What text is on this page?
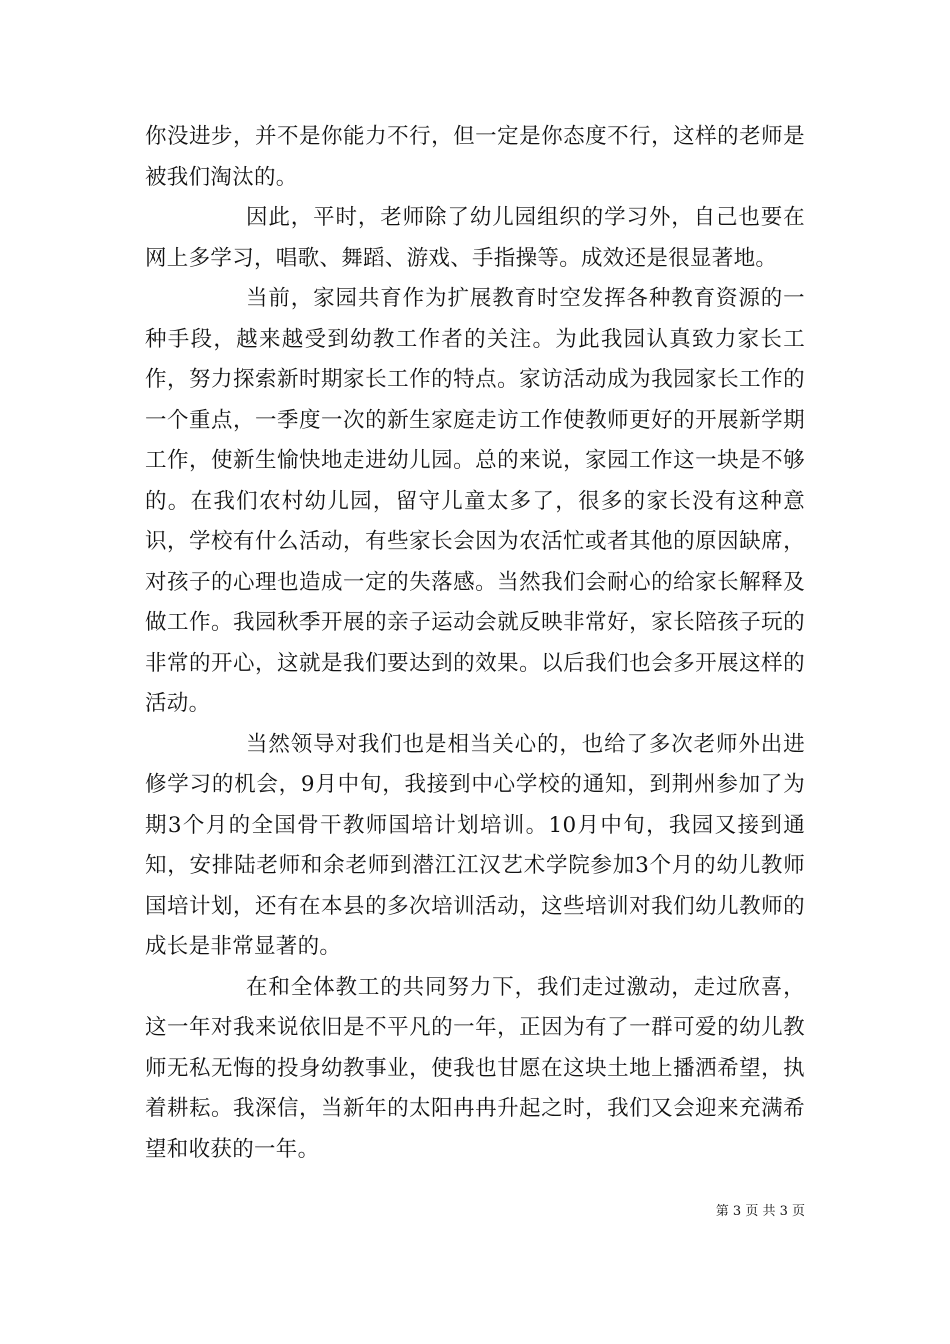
你没进步，并不是你能力不行，但一定是你态度不行，这样的老师是被我们淘汰的。

因此，平时，老师除了幼儿园组织的学习外，自己也要在网上多学习，唱歌、舞蹈、游戏、手指操等。成效还是很显著地。

当前，家园共育作为扩展教育时空发挥各种教育资源的一种手段，越来越受到幼教工作者的关注。为此我园认真致力家长工作，努力探索新时期家长工作的特点。家访活动成为我园家长工作的一个重点，一季度一次的新生家庭走访工作使教师更好的开展新学期工作，使新生愉快地走进幼儿园。总的来说，家园工作这一块是不够的。在我们农村幼儿园，留守儿童太多了，很多的家长没有这种意识，学校有什么活动，有些家长会因为农活忙或者其他的原因缺席，对孩子的心理也造成一定的失落感。当然我们会耐心的给家长解释及做工作。我园秋季开展的亲子运动会就反映非常好，家长陪孩子玩的非常的开心，这就是我们要达到的效果。以后我们也会多开展这样的活动。

当然领导对我们也是相当关心的，也给了多次老师外出进修学习的机会，9月中旬，我接到中心学校的通知，到荆州参加了为期3个月的全国骨干教师国培计划培训。10月中旬，我园又接到通知，安排陆老师和余老师到潜江江汉艺术学院参加3个月的幼儿教师国培计划，还有在本县的多次培训活动，这些培训对我们幼儿教师的成长是非常显著的。

在和全体教工的共同努力下，我们走过激动，走过欣喜，这一年对我来说依旧是不平凡的一年，正因为有了一群可爱的幼儿教师无私无悔的投身幼教事业，使我也甘愿在这块土地上播洒希望，执着耕耘。我深信，当新年的太阳冉冉升起之时，我们又会迎来充满希望和收获的一年。

第 3 页 共 3 页
